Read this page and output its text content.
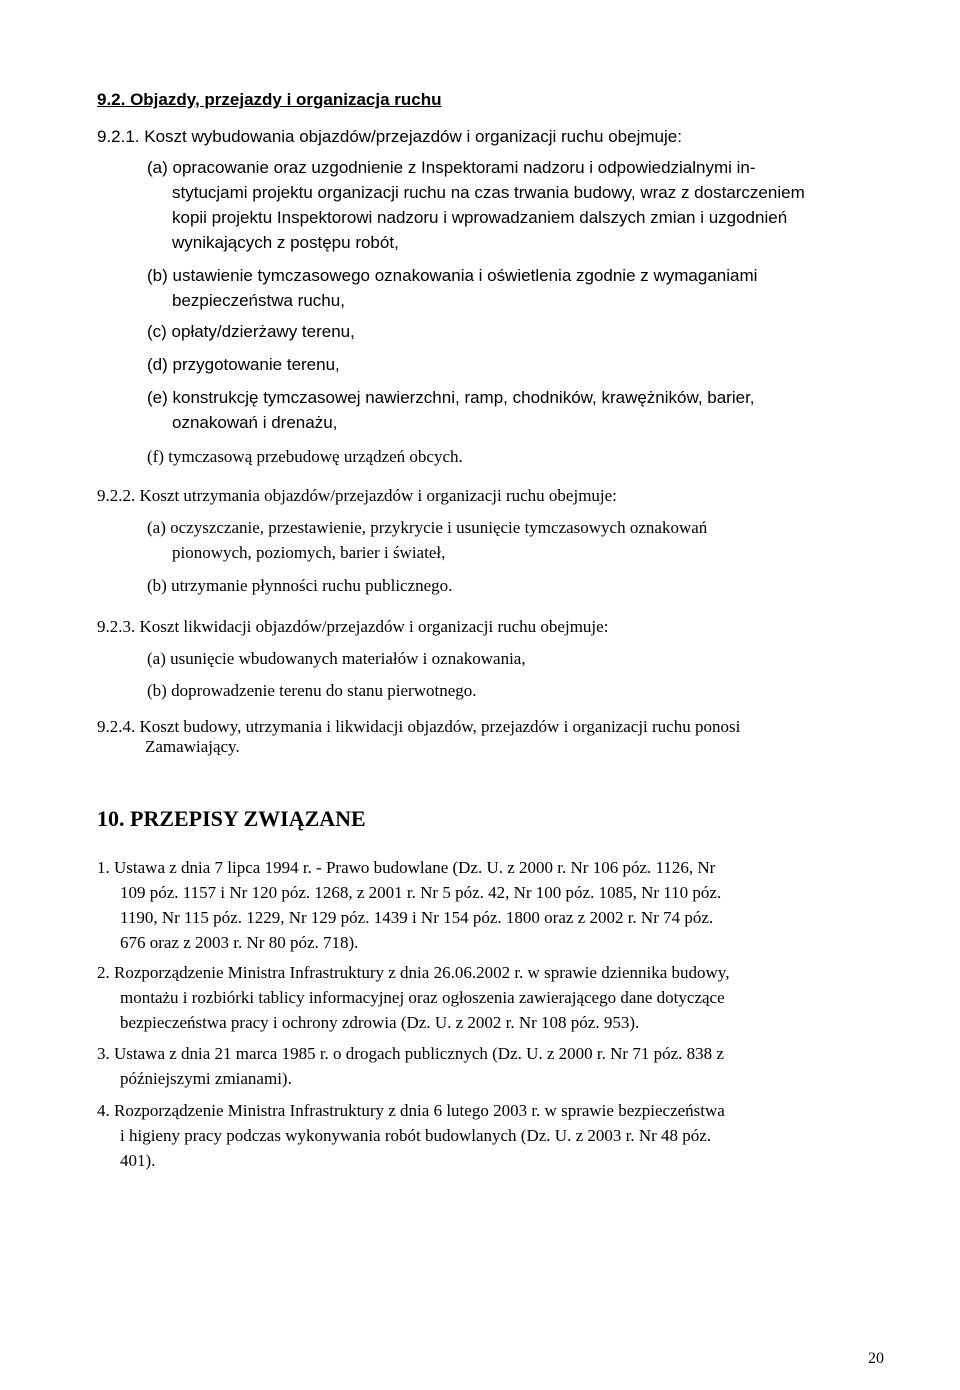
9.2. Objazdy, przejazdy i organizacja ruchu
9.2.1. Koszt wybudowania objazdów/przejazdów i organizacji ruchu obejmuje:
(a) opracowanie oraz uzgodnienie z Inspektorami nadzoru i odpowiedzialnymi in-
stytucjami projektu organizacji ruchu na czas trwania budowy, wraz z dostarczeniem
kopii projektu Inspektorowi nadzoru i wprowadzaniem dalszych zmian i uzgodnień
wynikających z postępu robót,
(b) ustawienie tymczasowego oznakowania i oświetlenia zgodnie z wymaganiami
bezpieczeństwa ruchu,
(c) opłaty/dzierżawy terenu,
(d) przygotowanie terenu,
(e) konstrukcję tymczasowej nawierzchni, ramp, chodników, krawężników, barier,
oznakowań i drenażu,
(f) tymczasową przebudowę urządzeń obcych.
9.2.2. Koszt utrzymania objazdów/przejazdów i organizacji ruchu obejmuje:
(a) oczyszczanie, przestawienie, przykrycie i usunięcie tymczasowych oznakowań
pionowych, poziomych, barier i świateł,
(b) utrzymanie płynności ruchu publicznego.
9.2.3. Koszt likwidacji objazdów/przejazdów i organizacji ruchu obejmuje:
(a) usunięcie wbudowanych materiałów i oznakowania,
(b) doprowadzenie terenu do stanu pierwotnego.
9.2.4. Koszt budowy, utrzymania i likwidacji objazdów, przejazdów i organizacji ruchu ponosi
Zamawiający.
10. PRZEPISY ZWIĄZANE
1. Ustawa z dnia 7 lipca 1994 r. - Prawo budowlane (Dz. U. z 2000 r. Nr 106 póz. 1126, Nr
109 póz. 1157 i Nr 120 póz. 1268, z 2001 r. Nr 5 póz. 42, Nr 100 póz. 1085, Nr 110 póz.
1190, Nr 115 póz. 1229, Nr 129 póz. 1439 i Nr 154 póz. 1800 oraz z 2002 r. Nr 74 póz.
676 oraz z 2003 r. Nr 80 póz. 718).
2. Rozporządzenie Ministra Infrastruktury z dnia 26.06.2002 r. w sprawie dziennika budowy,
montażu i rozbiórki tablicy informacyjnej oraz ogłoszenia zawierającego dane dotyczące
bezpieczeństwa pracy i ochrony zdrowia (Dz. U. z 2002 r. Nr 108 póz. 953).
3. Ustawa z dnia 21 marca 1985 r. o drogach publicznych (Dz. U. z 2000 r. Nr 71 póz. 838 z
późniejszymi zmianami).
4. Rozporządzenie Ministra Infrastruktury z dnia 6 lutego 2003 r. w sprawie bezpieczeństwa
i higieny pracy podczas wykonywania robót budowlanych (Dz. U. z 2003 r. Nr 48 póz.
401).
20
